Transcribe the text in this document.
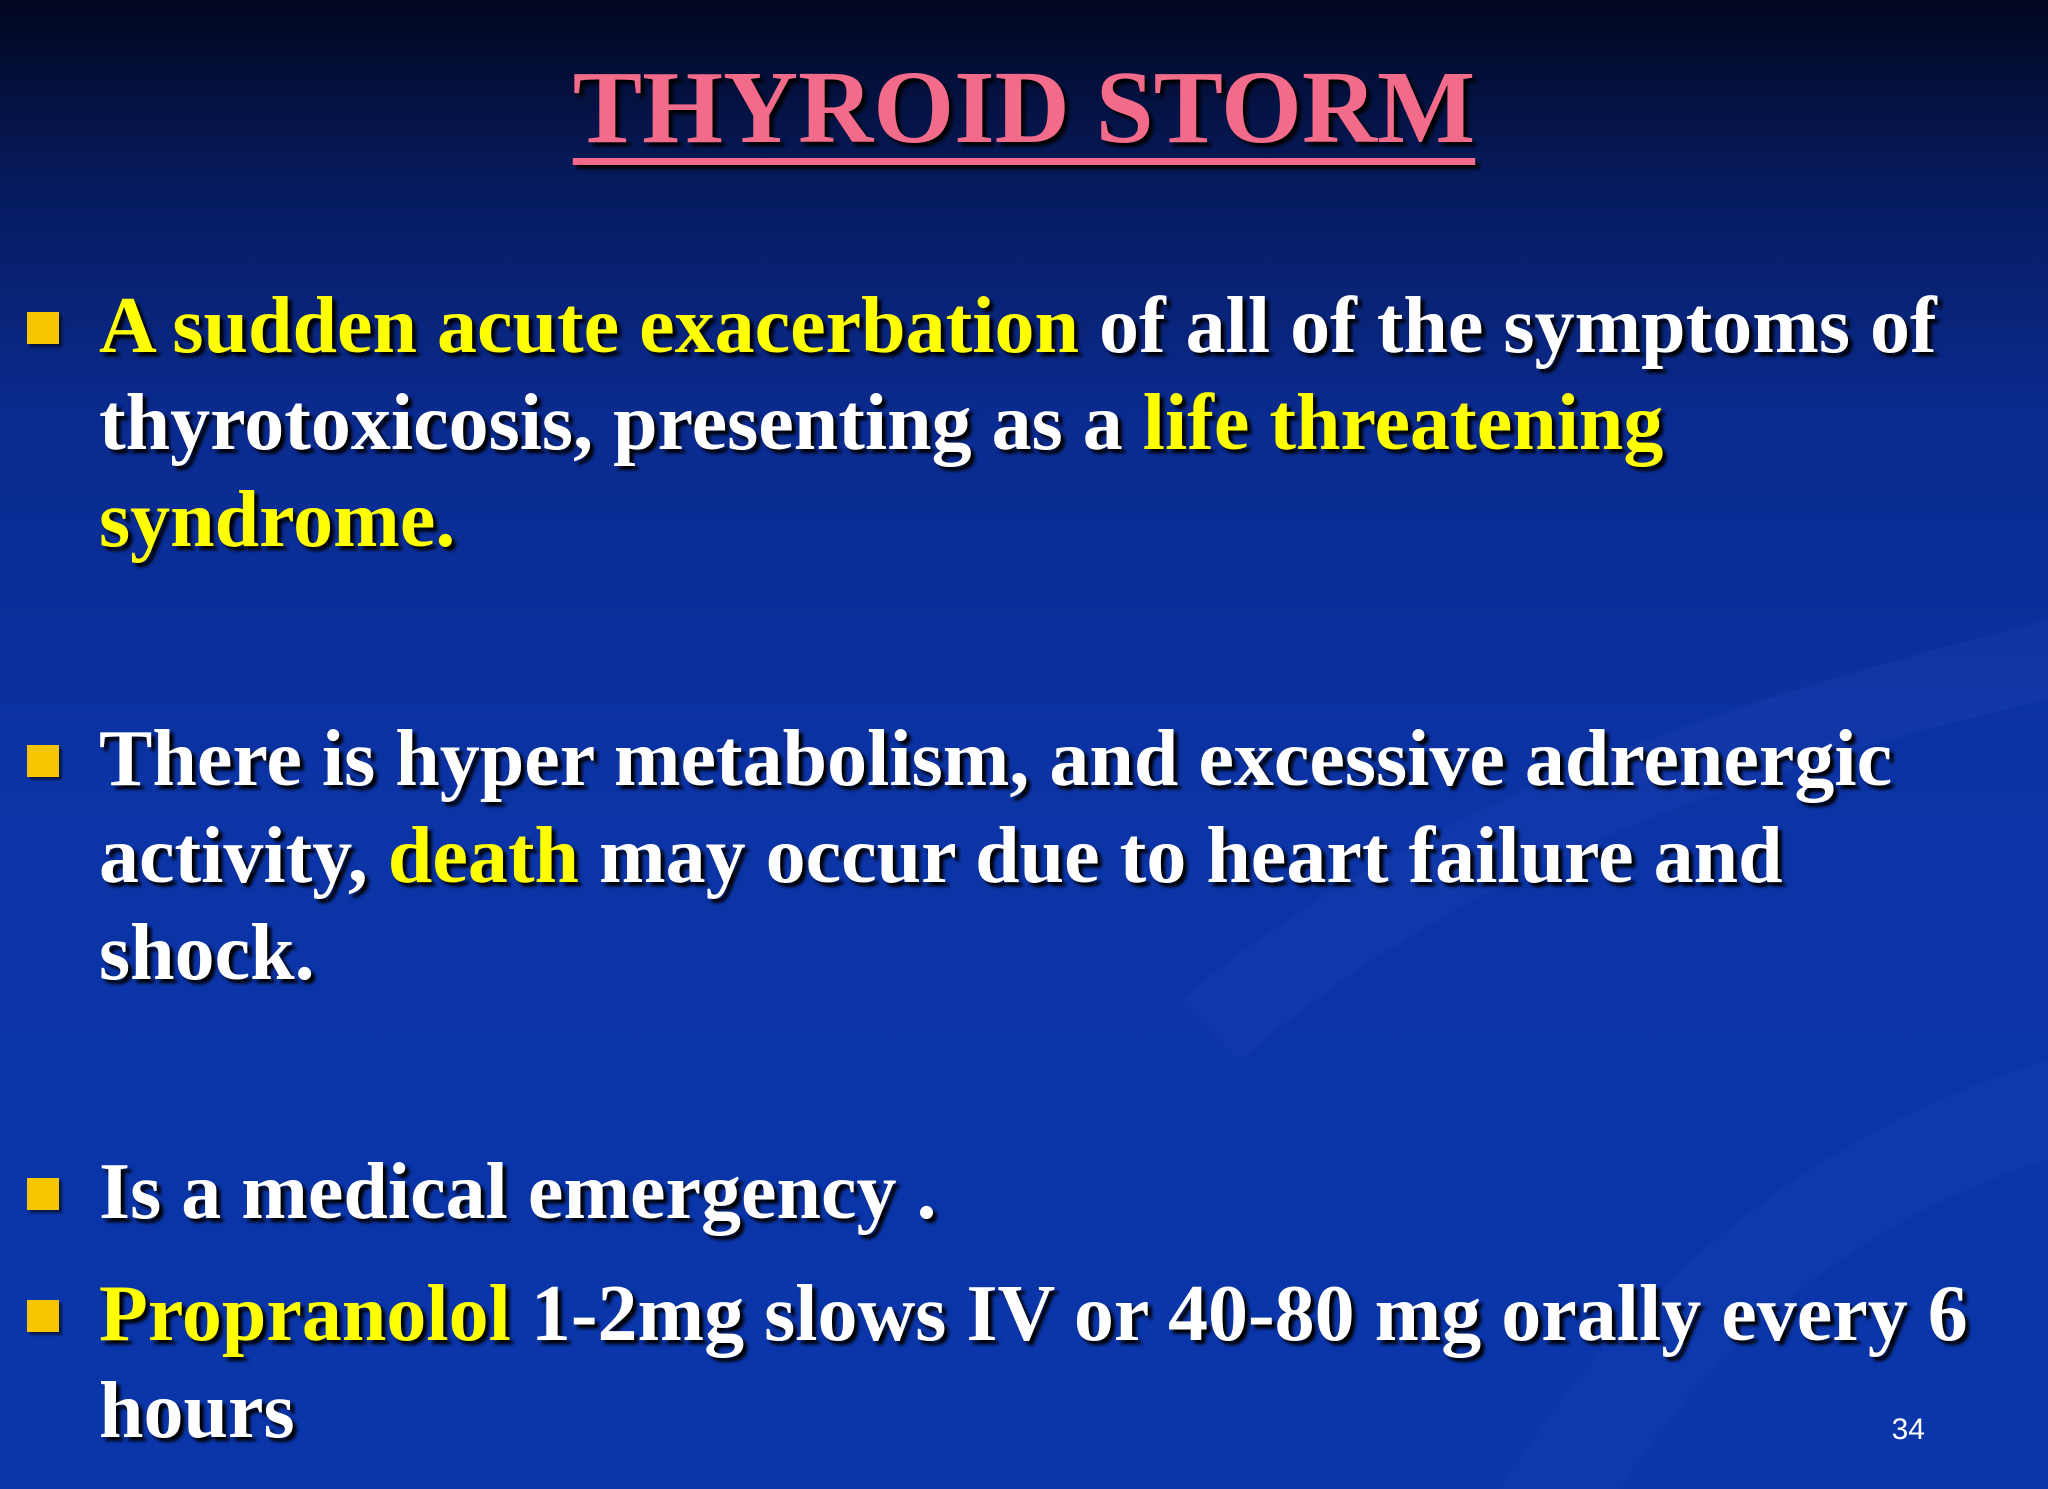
THYROID STORM

A sudden acute exacerbation of all of the symptoms of thyrotoxicosis, presenting as a life threatening syndrome.

There is hyper metabolism, and excessive adrenergic activity, death may occur due to heart failure and shock.

Is a medical emergency .

Propranolol 1-2mg slows IV or 40-80 mg orally every 6 hours	34
